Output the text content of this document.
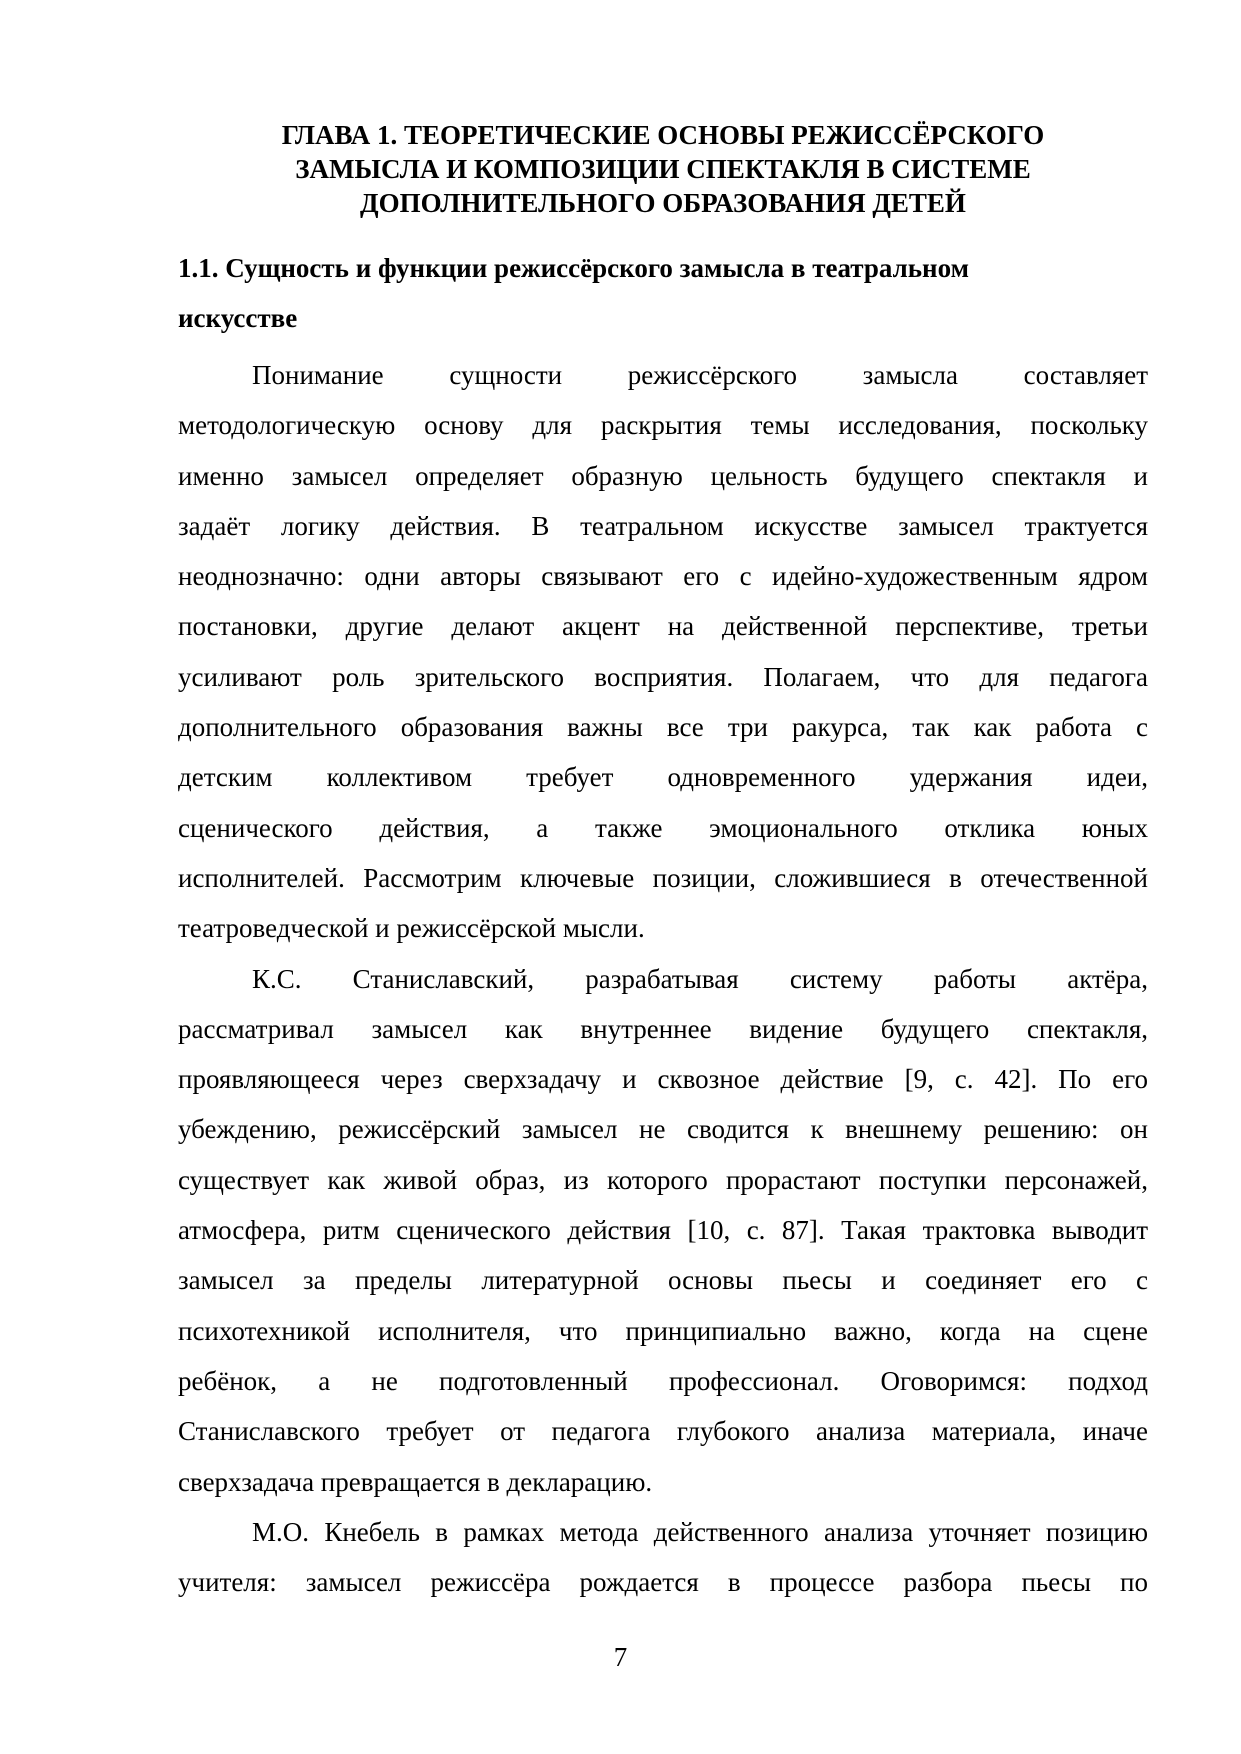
ГЛАВА 1. ТЕОРЕТИЧЕСКИЕ ОСНОВЫ РЕЖИССЁРСКОГО
ЗАМЫСЛА И КОМПОЗИЦИИ СПЕКТАКЛЯ В СИСТЕМЕ
ДОПОЛНИТЕЛЬНОГО ОБРАЗОВАНИЯ ДЕТЕЙ
1.1. Сущность и функции режиссёрского замысла в театральном
искусстве
Понимание сущности режиссёрского замысла составляет
методологическую основу для раскрытия темы исследования, поскольку
именно замысел определяет образную цельность будущего спектакля и
задаёт логику действия. В театральном искусстве замысел трактуется
неоднозначно: одни авторы связывают его с идейно-художественным ядром
постановки, другие делают акцент на действенной перспективе, третьи
усиливают роль зрительского восприятия. Полагаем, что для педагога
дополнительного образования важны все три ракурса, так как работа с
детским коллективом требует одновременного удержания идеи,
сценического действия, а также эмоционального отклика юных
исполнителей. Рассмотрим ключевые позиции, сложившиеся в отечественной
театроведческой и режиссёрской мысли.
К.С. Станиславский, разрабатывая систему работы актёра,
рассматривал замысел как внутреннее видение будущего спектакля,
проявляющееся через сверхзадачу и сквозное действие [9, с. 42]. По его
убеждению, режиссёрский замысел не сводится к внешнему решению: он
существует как живой образ, из которого прорастают поступки персонажей,
атмосфера, ритм сценического действия [10, с. 87]. Такая трактовка выводит
замысел за пределы литературной основы пьесы и соединяет его с
психотехникой исполнителя, что принципиально важно, когда на сцене
ребёнок, а не подготовленный профессионал. Оговоримся: подход
Станиславского требует от педагога глубокого анализа материала, иначе
сверхзадача превращается в декларацию.
М.О. Кнебель в рамках метода действенного анализа уточняет позицию
учителя: замысел режиссёра рождается в процессе разбора пьесы по
7
